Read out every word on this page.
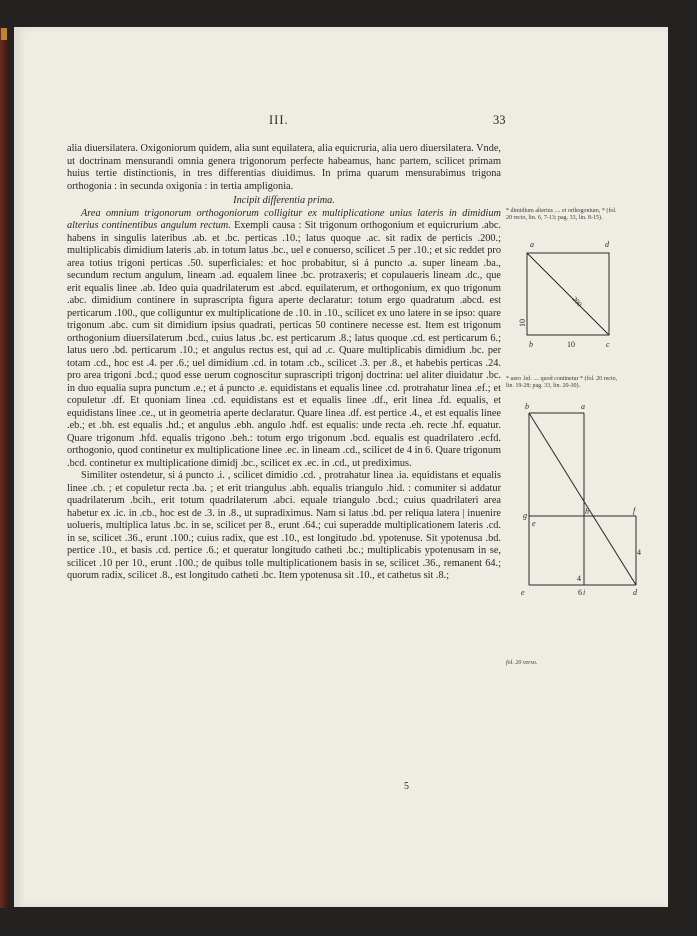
III.	33

alia diuersilatera. Oxigoniorum quidem, alia sunt equilatera, alia equicruria, alia uero diuersilatera. Vnde, ut doctrinam mensurandi omnia genera trigonorum perfecte habeamus, hanc partem, scilicet primam huius tertie distinctionis, in tres differentias diuidimus. In prima quarum mensurabimus trigona orthogonia : in secunda oxigonia : in tertia ampligonia.

Incipit differentia prima.

Area omnium trigonorum orthogoniorum colligitur ex multiplicatione unius lateris in dimidium alterius continentibus angulum rectum. Exempli causa : Sit trigonum orthogonium et equicrurium .abc. habens in singulis lateribus .ab. et .bc. perticas .10.; latus quoque .ac. sit radix de perticis .200.; multiplicabis dimidium lateris .ab. in totum latus .bc., uel e conuerso, scilicet .5 per .10.; et sic reddet pro area totius trigoni perticas .50. superficiales: et hoc probabitur, si á puncto .a. super lineam .ba., secundum rectum angulum, lineam .ad. equalem linee .bc. protraxeris; et copulaueris lineam .dc., que erit equalis linee .ab. Ideo quia quadrilaterum est .abcd. equilaterum, et orthogonium, ex quo trigonum .abc. dimidium continere in suprascripta figura aperte declaratur: totum ergo quadratum .abcd. est perticarum .100., que colliguntur ex multiplicatione de .10. in .10., scilicet ex uno latere in se ipso: quare trigonum .abc. cum sit dimidium ipsius quadrati, perticas 50 continere necesse est. Item est trigonum orthogonium diuersilaterum .bcd., cuius latus .bc. est perticarum .8.; latus quoque .cd. est perticarum 6.; latus uero .bd. perticarum .10.; et angulus rectus est, qui ad .c. Quare multiplicabis dimidium .bc. per totam .cd., hoc est .4. per .6.; uel dimidium .cd. in totam .cb., scilicet .3. per .8., et habebis perticas .24. pro area trigoni .bcd.; quod esse uerum cognoscitur suprascripti trigonj doctrina: uel aliter diuidatur .bc. in duo equalia supra punctum .e.; et á puncto .e. equidistans et equalis linee .cd. protrahatur linea .ef.; et copuletur .df. Et quoniam linea .cd. equidistans est et equalis linee .df., erit linea .fd. equalis, et equidistans linee .ce., ut in geometria aperte declaratur. Quare linea .df. est pertice .4., et est equalis linee .eb.; et .bh. est equalis .hd.; et angulus .ebh. angulo .hdf. est equalis: unde recta .eh. recte .hf. equatur. Quare trigonum .hfd. equalis trigono .beh.: totum ergo trigonum .bcd. equalis est quadrilatero .ecfd. orthogonio, quod continetur ex multiplicatione linee .ec. in lineam .cd., scilicet de 4 in 6. Quare trigonum .bcd. continetur ex multiplicatione dimidj .bc., scilicet ex .ec. in .cd., ut prediximus.

Similiter ostendetur, si á puncto .i. , scilicet dimidio .cd. , protrahatur linea .ia. equidistans et equalis linee .cb. ; et copuletur recta .ba. ; et erit triangulus .abh. equalis triangulo .hid. : comuniter si addatur quadrilaterum .bcih., erit totum quadrilaterum .abci. equale triangulo .bcd.; cuius quadrilateri area habetur ex .ic. in .cb., hoc est de .3. in .8., ut supradiximus. Nam si latus .bd. per reliqua latera | inuenire uolueris, multiplica latus .bc. in se, scilicet per 8., erunt .64.; cui superadde multiplicationem lateris .cd. in se, scilicet .36., erunt .100.; cuius radix, que est .10., est longitudo .bd. ypotenuse. Sit ypotenusa .bd. pertice .10., et basis .cd. pertice .6.; et queratur longitudo catheti .bc.; multiplicabis ypotenusam in se, scilicet .10 per 10., erunt .100.; de quibus tolle multiplicationem basis in se, scilicet .36., remanent 64.; quorum radix, scilicet .8., est longitudo catheti .bc. Item ypotenusa sit .10., et cathetus sit .8.;

5
* dimidium alterius .... et orthogonium, * (fol. 20 recto, lin. 6, 7-13; pag. 33, lin. 8-15).
* uero .bd. .... quod continetur * (fol. 20 recto, lin. 19-28; pag. 33, lin. 20-30).
fol. 20 verso.
a	d
b	c
10
10
200
b	a
g	h	f
e
4
4
e	i
6	d
